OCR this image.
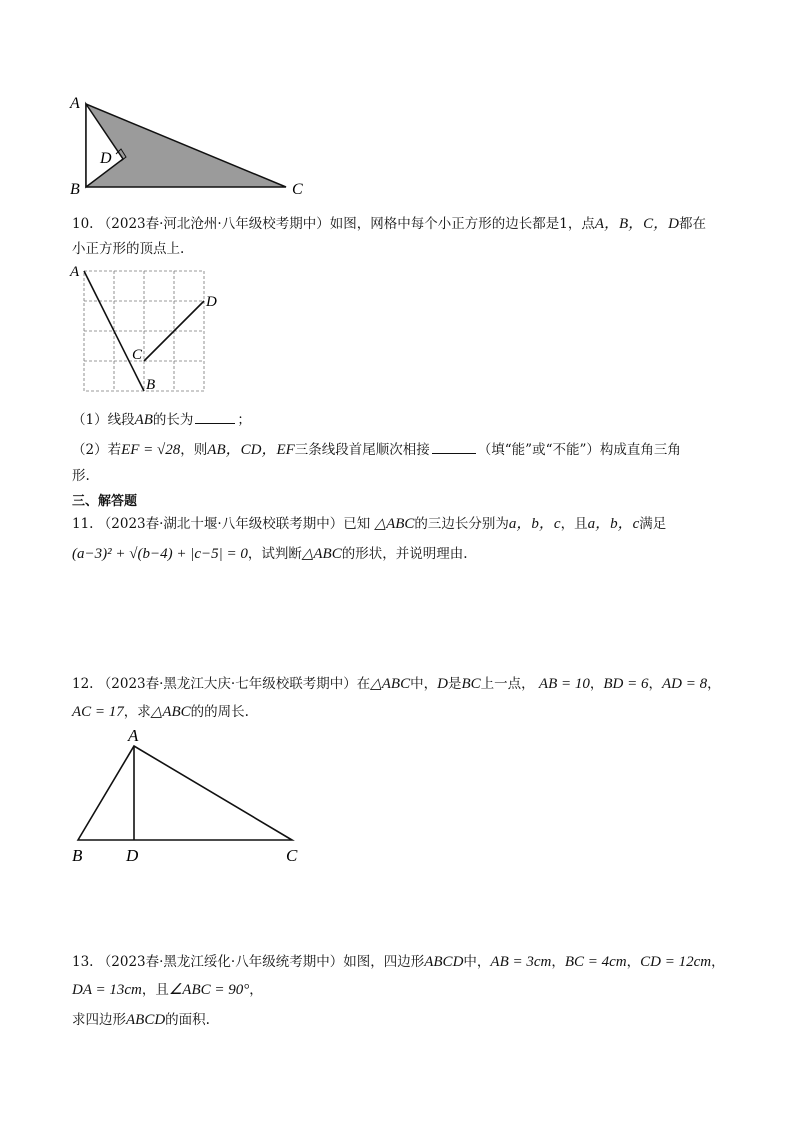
A
D
B	C
10. （2023春·河北沧州·八年级校考期中）如图，网格中每个小正方形的边长都是1，点A，B，C，D都在
小正方形的顶点上.
A
D
C
B
（1）线段AB的长为	；
（2）若EF = √28，则AB，CD，EF三条线段首尾顺次相接	（填“能”或“不能”）构成直角三角
形.
三、解答题
11. （2023春·湖北十堰·八年级校联考期中）已知 △ABC的三边长分别为a，b，c，且a，b，c满足
(a−3)² + √(b−4) + |c−5| = 0，试判断△ABC的形状，并说明理由.
12. （2023春·黑龙江大庆·七年级校联考期中）在△ABC中，D是BC上一点， AB = 10，BD = 6，AD = 8，
AC = 17，求△ABC的的周长.
A
B	D	C
13. （2023春·黑龙江绥化·八年级统考期中）如图，四边形ABCD中，AB = 3cm，BC = 4cm，CD = 12cm，
DA = 13cm，且∠ABC = 90°，
求四边形ABCD的面积.
